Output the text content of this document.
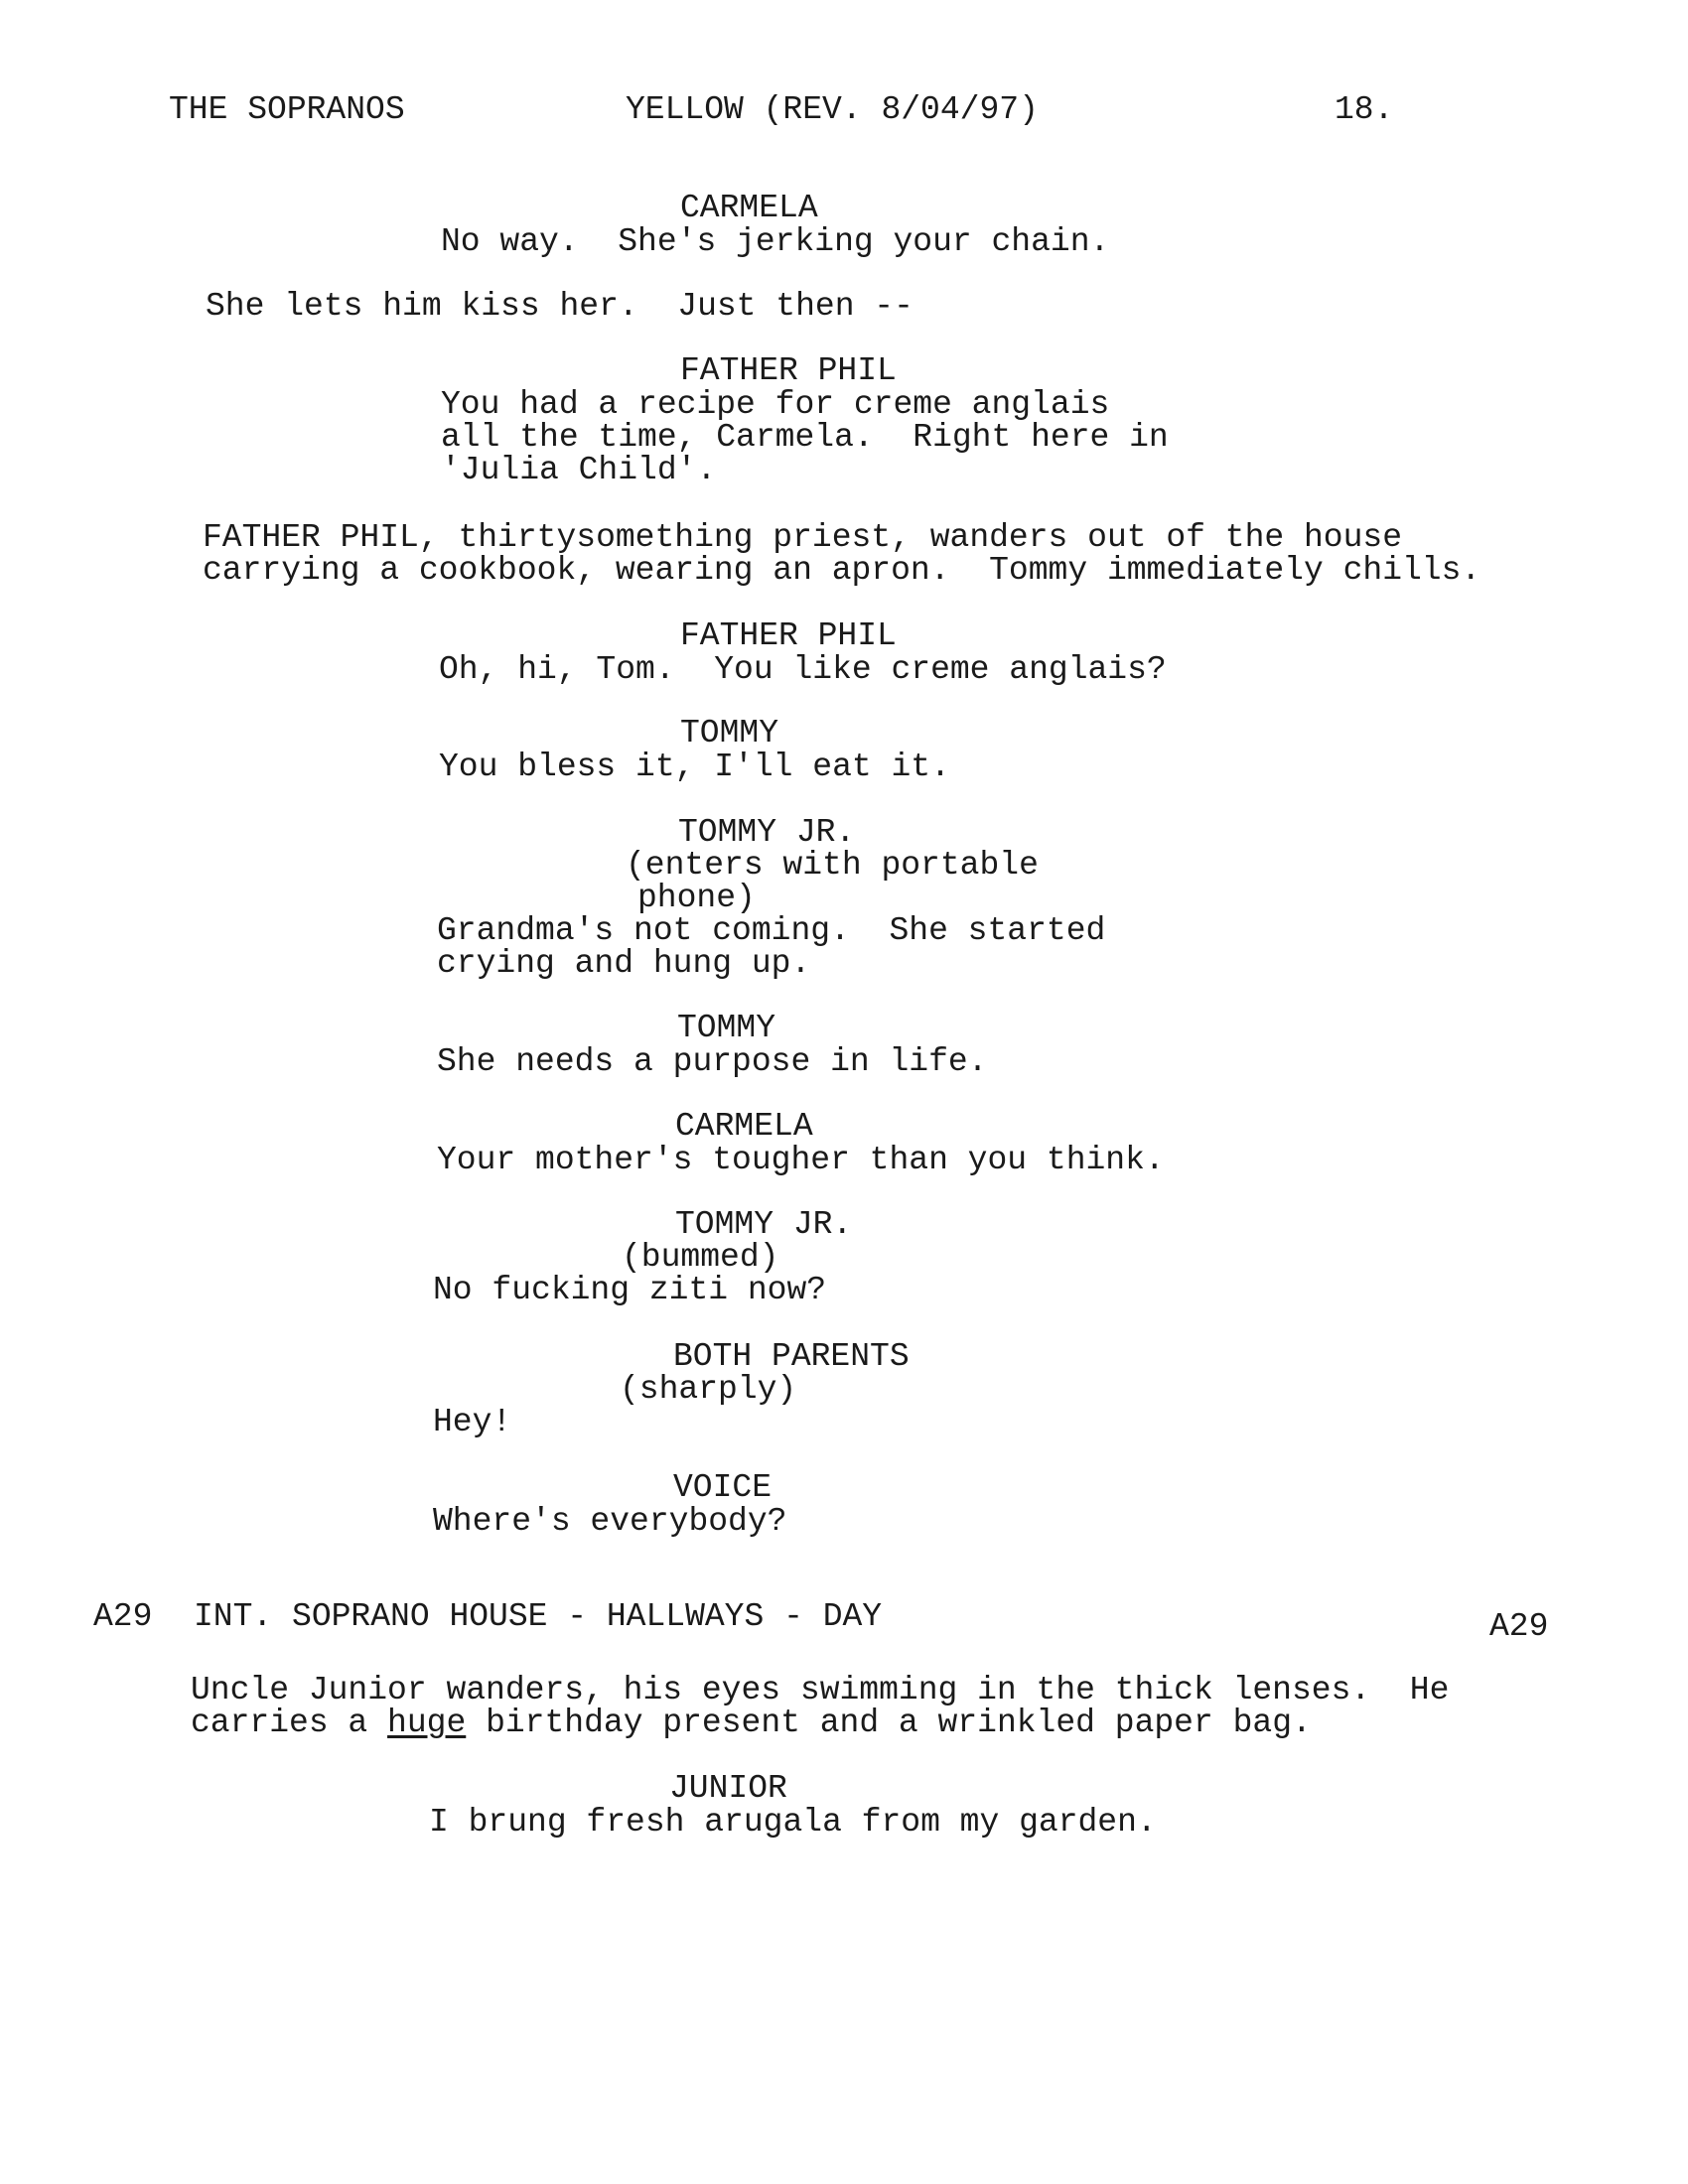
THE SOPRANOS	YELLOW (REV. 8/04/97)	18.
CARMELA
No way.  She's jerking your chain.
She lets him kiss her.  Just then --
FATHER PHIL
You had a recipe for creme anglais
all the time, Carmela.  Right here in
'Julia Child'.
FATHER PHIL, thirtysomething priest, wanders out of the house
carrying a cookbook, wearing an apron.  Tommy immediately chills.
FATHER PHIL
Oh, hi, Tom.  You like creme anglais?
TOMMY
You bless it, I'll eat it.
TOMMY JR.
(enters with portable
phone)
Grandma's not coming.  She started
crying and hung up.
TOMMY
She needs a purpose in life.
CARMELA
Your mother's tougher than you think.
TOMMY JR.
(bummed)
No fucking ziti now?
BOTH PARENTS
(sharply)
Hey!
VOICE
Where's everybody?
A29 INT. SOPRANO HOUSE - HALLWAYS - DAY	A29
Uncle Junior wanders, his eyes swimming in the thick lenses.  He
carries a huge birthday present and a wrinkled paper bag.
JUNIOR
I brung fresh arugala from my garden.
